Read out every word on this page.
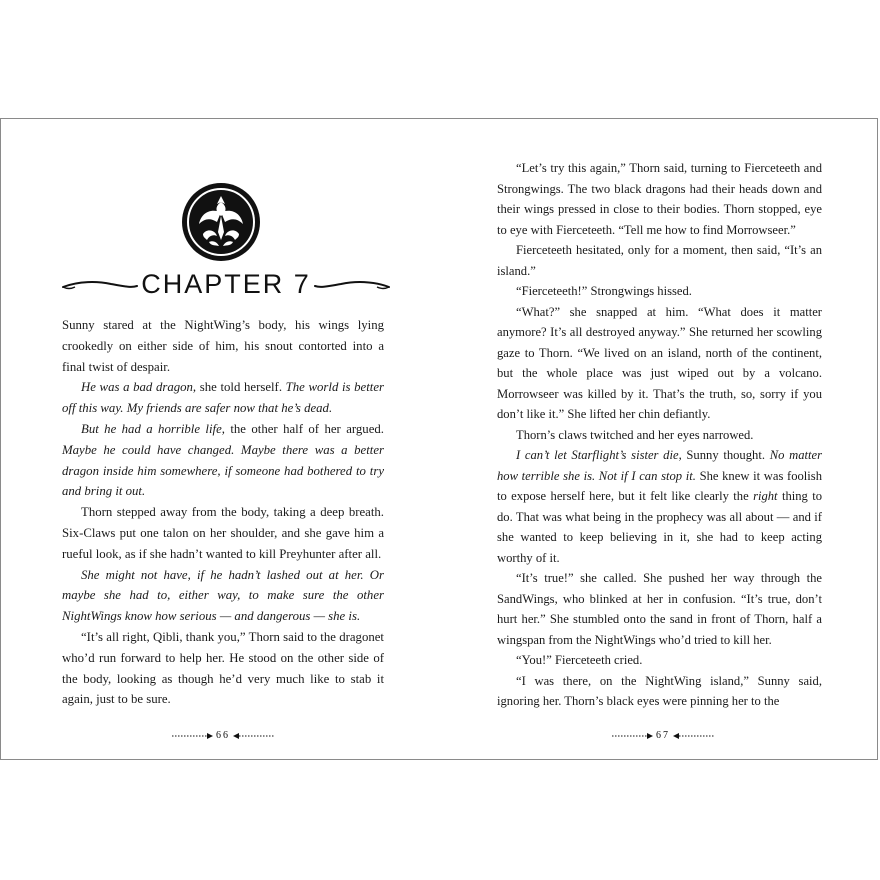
CHAPTER 7

Sunny stared at the NightWing’s body, his wings lying crookedly on either side of him, his snout contorted into a final twist of despair.

He was a bad dragon, she told herself. The world is better off this way. My friends are safer now that he’s dead.

But he had a horrible life, the other half of her argued. Maybe he could have changed. Maybe there was a better dragon inside him somewhere, if someone had bothered to try and bring it out.

Thorn stepped away from the body, taking a deep breath. Six-Claws put one talon on her shoulder, and she gave him a rueful look, as if she hadn’t wanted to kill Preyhunter after all.

She might not have, if he hadn’t lashed out at her. Or maybe she had to, either way, to make sure the other NightWings know how serious — and dangerous — she is.

“It’s all right, Qibli, thank you,” Thorn said to the dragonet who’d run forward to help her. He stood on the other side of the body, looking as though he’d very much like to stab it again, just to be sure.

66

“Let’s try this again,” Thorn said, turning to Fierceteeth and Strongwings. The two black dragons had their heads down and their wings pressed in close to their bodies. Thorn stopped, eye to eye with Fierceteeth. “Tell me how to find Morrowseer.”

Fierceteeth hesitated, only for a moment, then said, “It’s an island.”

“Fierceteeth!” Strongwings hissed.

“What?” she snapped at him. “What does it matter anymore? It’s all destroyed anyway.” She returned her scowling gaze to Thorn. “We lived on an island, north of the continent, but the whole place was just wiped out by a volcano. Morrowseer was killed by it. That’s the truth, so, sorry if you don’t like it.” She lifted her chin defiantly.

Thorn’s claws twitched and her eyes narrowed.

I can’t let Starflight’s sister die, Sunny thought. No matter how terrible she is. Not if I can stop it. She knew it was foolish to expose herself here, but it felt like clearly the right thing to do. That was what being in the prophecy was all about — and if she wanted to keep believing in it, she had to keep acting worthy of it.

“It’s true!” she called. She pushed her way through the SandWings, who blinked at her in confusion. “It’s true, don’t hurt her.” She stumbled onto the sand in front of Thorn, half a wingspan from the NightWings who’d tried to kill her.

“You!” Fierceteeth cried.

“I was there, on the NightWing island,” Sunny said, ignoring her. Thorn’s black eyes were pinning her to the

67
